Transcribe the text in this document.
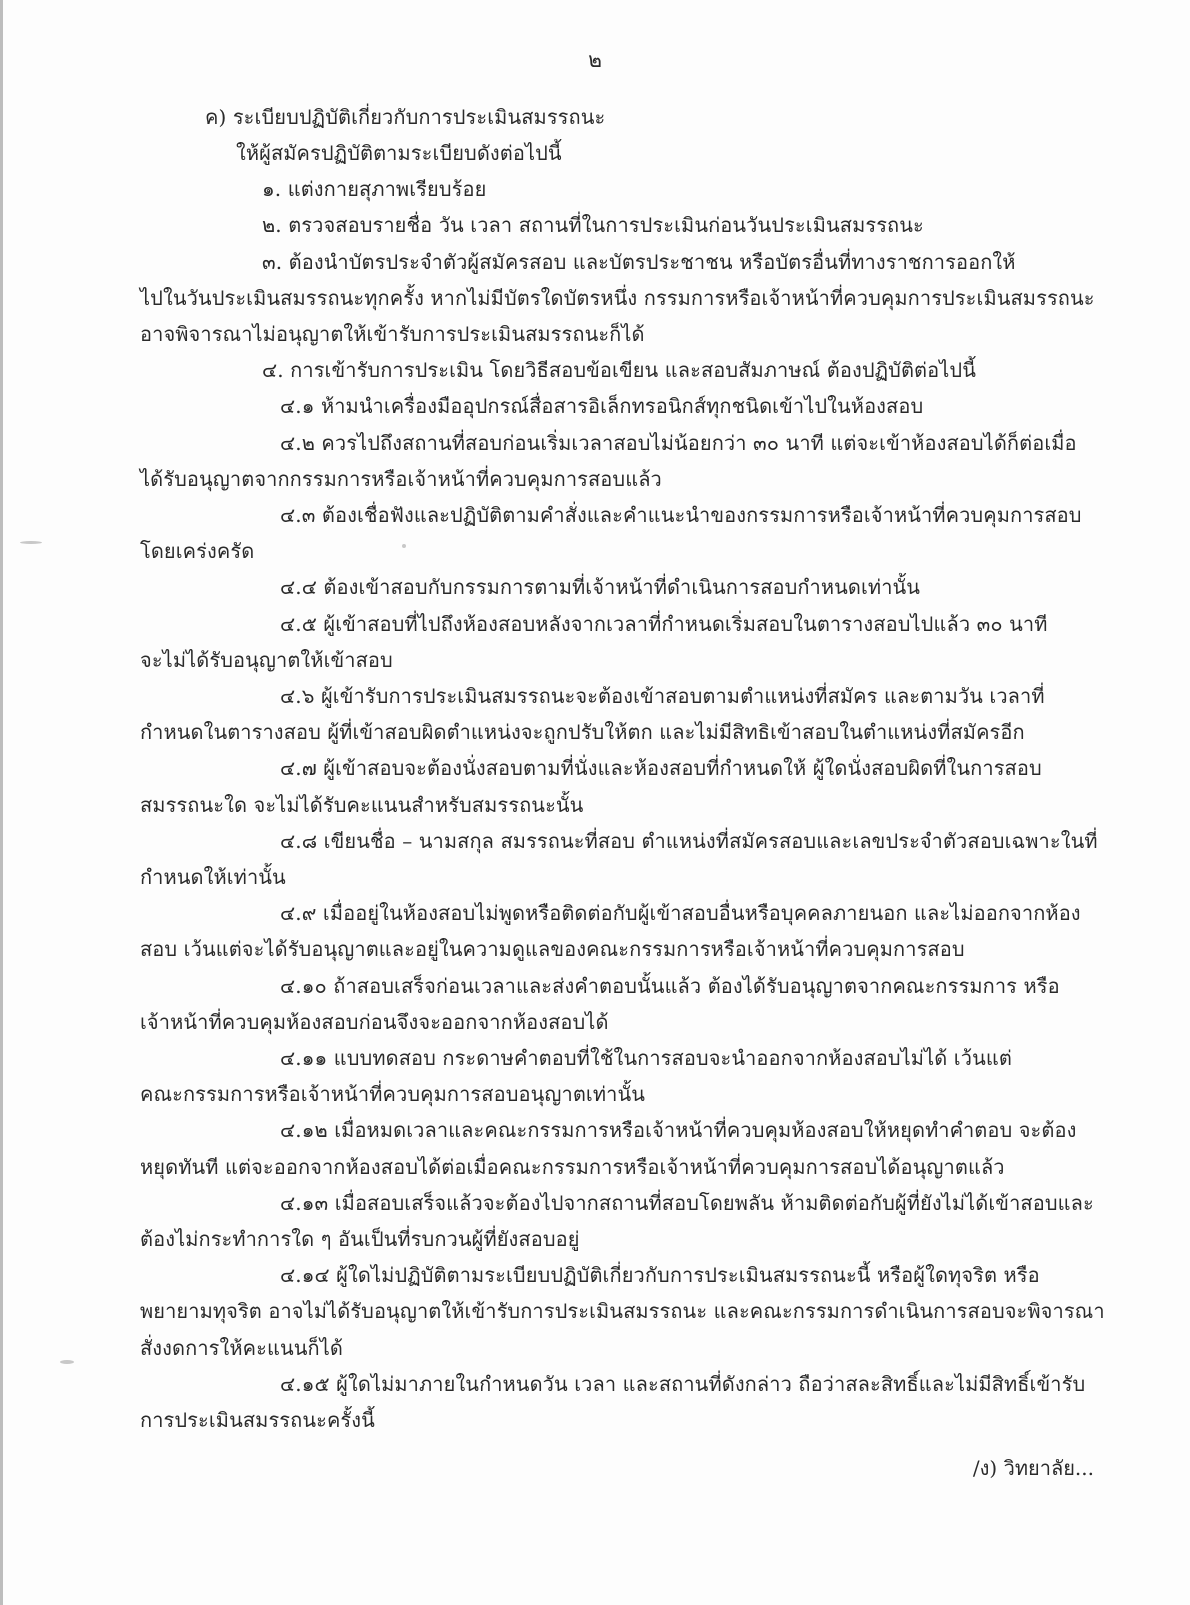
๒
ค) ระเบียบปฏิบัติเกี่ยวกับการประเมินสมรรถนะ
ให้ผู้สมัครปฏิบัติตามระเบียบดังต่อไปนี้
๑. แต่งกายสุภาพเรียบร้อย
๒. ตรวจสอบรายชื่อ วัน เวลา สถานที่ในการประเมินก่อนวันประเมินสมรรถนะ
๓. ต้องนำบัตรประจำตัวผู้สมัครสอบ และบัตรประชาชน หรือบัตรอื่นที่ทางราชการออกให้
ไปในวันประเมินสมรรถนะทุกครั้ง หากไม่มีบัตรใดบัตรหนึ่ง กรรมการหรือเจ้าหน้าที่ควบคุมการประเมินสมรรถนะ
อาจพิจารณาไม่อนุญาตให้เข้ารับการประเมินสมรรถนะก็ได้
๔. การเข้ารับการประเมิน โดยวิธีสอบข้อเขียน และสอบสัมภาษณ์ ต้องปฏิบัติต่อไปนี้
๔.๑ ห้ามนำเครื่องมืออุปกรณ์สื่อสารอิเล็กทรอนิกส์ทุกชนิดเข้าไปในห้องสอบ
๔.๒ ควรไปถึงสถานที่สอบก่อนเริ่มเวลาสอบไม่น้อยกว่า ๓๐ นาที แต่จะเข้าห้องสอบได้ก็ต่อเมื่อ
ได้รับอนุญาตจากกรรมการหรือเจ้าหน้าที่ควบคุมการสอบแล้ว
๔.๓ ต้องเชื่อฟังและปฏิบัติตามคำสั่งและคำแนะนำของกรรมการหรือเจ้าหน้าที่ควบคุมการสอบ
โดยเคร่งครัด
๔.๔ ต้องเข้าสอบกับกรรมการตามที่เจ้าหน้าที่ดำเนินการสอบกำหนดเท่านั้น
๔.๕ ผู้เข้าสอบที่ไปถึงห้องสอบหลังจากเวลาที่กำหนดเริ่มสอบในตารางสอบไปแล้ว ๓๐ นาที
จะไม่ได้รับอนุญาตให้เข้าสอบ
๔.๖ ผู้เข้ารับการประเมินสมรรถนะจะต้องเข้าสอบตามตำแหน่งที่สมัคร และตามวัน เวลาที่
กำหนดในตารางสอบ ผู้ที่เข้าสอบผิดตำแหน่งจะถูกปรับให้ตก และไม่มีสิทธิเข้าสอบในตำแหน่งที่สมัครอีก
๔.๗ ผู้เข้าสอบจะต้องนั่งสอบตามที่นั่งและห้องสอบที่กำหนดให้ ผู้ใดนั่งสอบผิดที่ในการสอบ
สมรรถนะใด จะไม่ได้รับคะแนนสำหรับสมรรถนะนั้น
๔.๘ เขียนชื่อ – นามสกุล สมรรถนะที่สอบ ตำแหน่งที่สมัครสอบและเลขประจำตัวสอบเฉพาะในที่
กำหนดให้เท่านั้น
๔.๙ เมื่ออยู่ในห้องสอบไม่พูดหรือติดต่อกับผู้เข้าสอบอื่นหรือบุคคลภายนอก และไม่ออกจากห้อง
สอบ เว้นแต่จะได้รับอนุญาตและอยู่ในความดูแลของคณะกรรมการหรือเจ้าหน้าที่ควบคุมการสอบ
๔.๑๐ ถ้าสอบเสร็จก่อนเวลาและส่งคำตอบนั้นแล้ว ต้องได้รับอนุญาตจากคณะกรรมการ หรือ
เจ้าหน้าที่ควบคุมห้องสอบก่อนจึงจะออกจากห้องสอบได้
๔.๑๑ แบบทดสอบ กระดาษคำตอบที่ใช้ในการสอบจะนำออกจากห้องสอบไม่ได้ เว้นแต่
คณะกรรมการหรือเจ้าหน้าที่ควบคุมการสอบอนุญาตเท่านั้น
๔.๑๒ เมื่อหมดเวลาและคณะกรรมการหรือเจ้าหน้าที่ควบคุมห้องสอบให้หยุดทำคำตอบ จะต้อง
หยุดทันที แต่จะออกจากห้องสอบได้ต่อเมื่อคณะกรรมการหรือเจ้าหน้าที่ควบคุมการสอบได้อนุญาตแล้ว
๔.๑๓ เมื่อสอบเสร็จแล้วจะต้องไปจากสถานที่สอบโดยพลัน ห้ามติดต่อกับผู้ที่ยังไม่ได้เข้าสอบและ
ต้องไม่กระทำการใด ๆ อันเป็นที่รบกวนผู้ที่ยังสอบอยู่
๔.๑๔ ผู้ใดไม่ปฏิบัติตามระเบียบปฏิบัติเกี่ยวกับการประเมินสมรรถนะนี้ หรือผู้ใดทุจริต หรือ
พยายามทุจริต อาจไม่ได้รับอนุญาตให้เข้ารับการประเมินสมรรถนะ และคณะกรรมการดำเนินการสอบจะพิจารณา
สั่งงดการให้คะแนนก็ได้
๔.๑๕ ผู้ใดไม่มาภายในกำหนดวัน เวลา และสถานที่ดังกล่าว ถือว่าสละสิทธิ์และไม่มีสิทธิ์เข้ารับ
การประเมินสมรรถนะครั้งนี้
/ง) วิทยาลัย...
